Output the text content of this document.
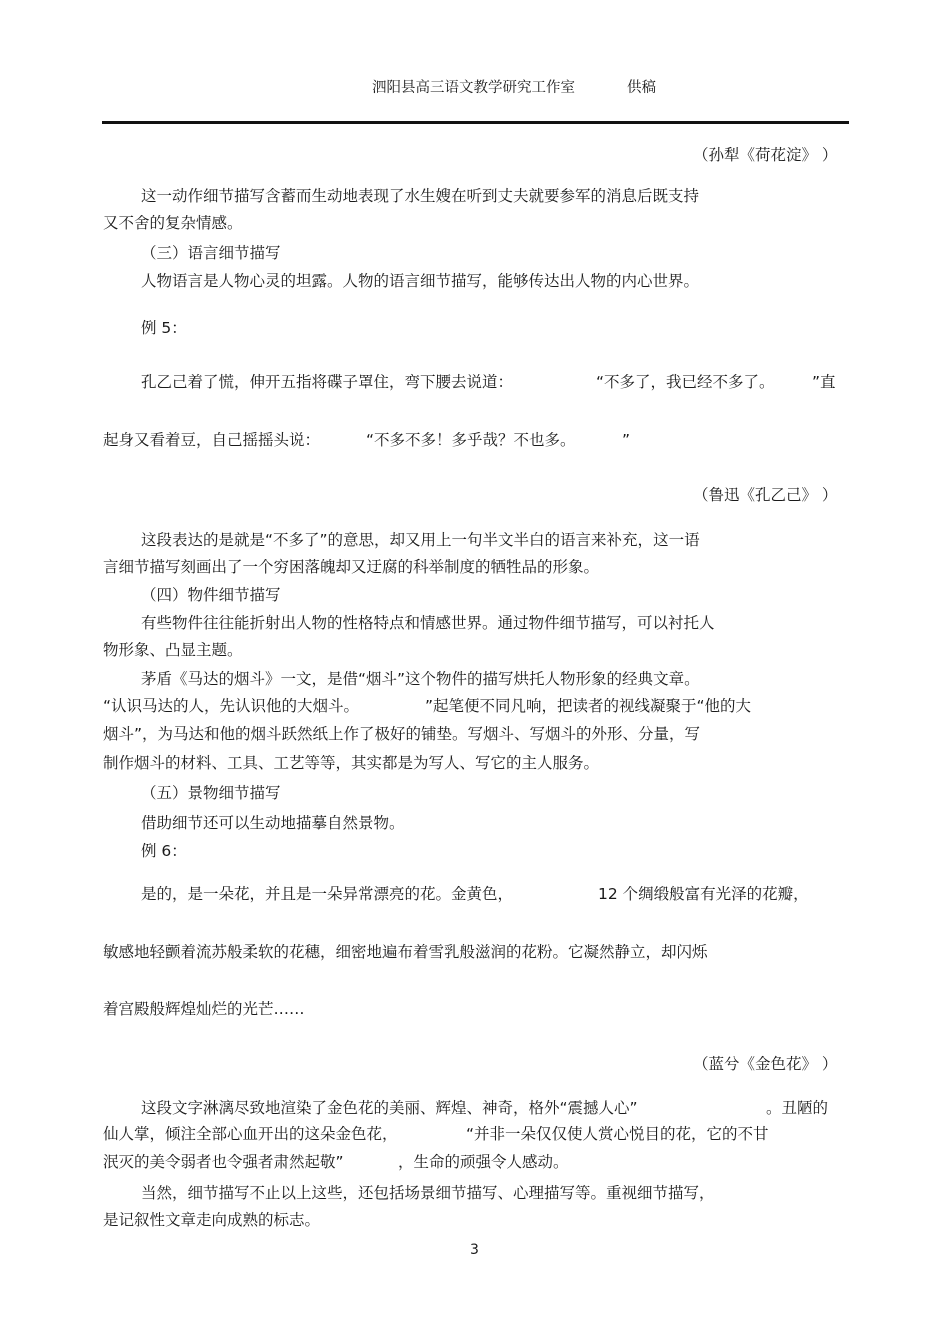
泗阳县高三语文教学研究工作室	供稿
（孙犁《荷花淀》 ）
这一动作细节描写含蓄而生动地表现了水生嫂在听到丈夫就要参军的消息后既支持
又不舍的复杂情感。
（三）语言细节描写
人物语言是人物心灵的坦露。人物的语言细节描写，能够传达出人物的内心世界。
例 5：
孔乙己着了慌，伸开五指将碟子罩住，弯下腰去说道：	“不多了，我已经不多了。 ”直
起身又看着豆，自己摇摇头说：	“不多不多！多乎哉？不也多。	”
（鲁迅《孔乙己》 ）
这段表达的是就是“不多了”的意思，却又用上一句半文半白的语言来补充，这一语
言细节描写刻画出了一个穷困落魄却又迂腐的科举制度的牺牲品的形象。
（四）物件细节描写
有些物件往往能折射出人物的性格特点和情感世界。通过物件细节描写，可以衬托人
物形象、凸显主题。
茅盾《马达的烟斗》一文，是借“烟斗”这个物件的描写烘托人物形象的经典文章。
“认识马达的人，先认识他的大烟斗。	”起笔便不同凡响，把读者的视线凝聚于“他的大
烟斗”，为马达和他的烟斗跃然纸上作了极好的铺垫。写烟斗、写烟斗的外形、分量，写
制作烟斗的材料、工具、工艺等等，其实都是为写人、写它的主人服务。
（五）景物细节描写
借助细节还可以生动地描摹自然景物。
例 6：
是的，是一朵花，并且是一朵异常漂亮的花。金黄色，	12 个绸缎般富有光泽的花瓣，
敏感地轻颤着流苏般柔软的花穗，细密地遍布着雪乳般滋润的花粉。它凝然静立，却闪烁
着宫殿般辉煌灿烂的光芒……
（蓝兮《金色花》 ）
这段文字淋漓尽致地渲染了金色花的美丽、辉煌、神奇，格外“震撼人心”	。丑陋的
仙人掌，倾注全部心血开出的这朵金色花，	“并非一朵仅仅使人赏心悦目的花，它的不甘
泯灭的美令弱者也令强者肃然起敬”	，生命的顽强令人感动。
当然，细节描写不止以上这些，还包括场景细节描写、心理描写等。重视细节描写，
是记叙性文章走向成熟的标志。
3
